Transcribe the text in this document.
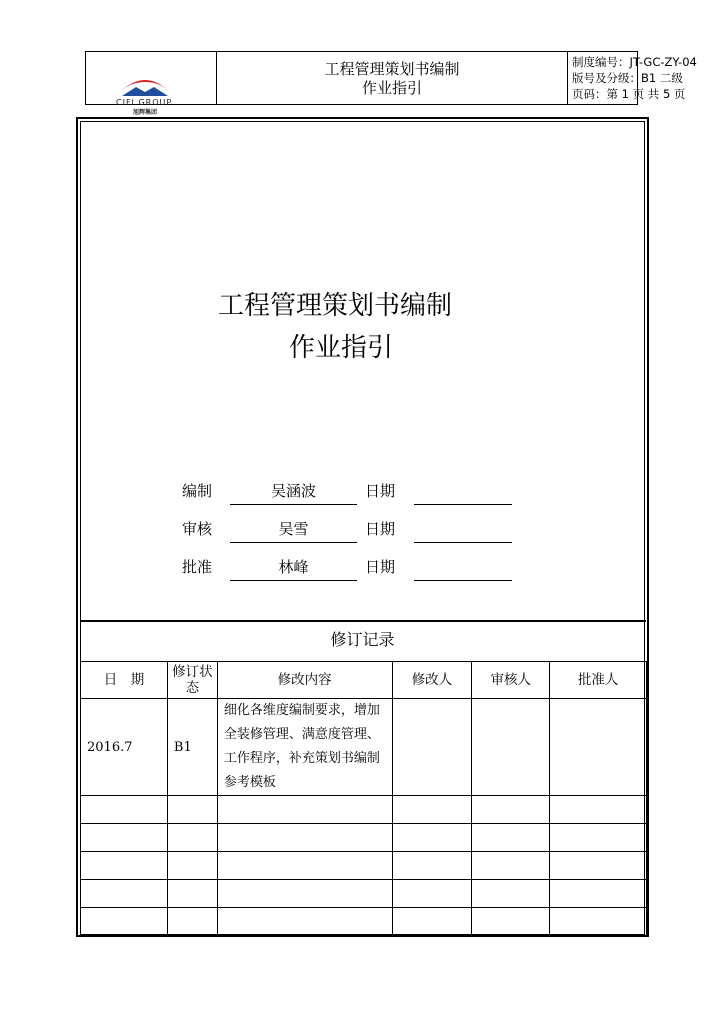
CIFI GROUP
旭辉集团
工程管理策划书编制
作业指引
制度编号：JT-GC-ZY-04
版号及分级：B1 二级
页码：第 1 页 共 5 页
工程管理策划书编制
作业指引
编制	吴涵波	日期
审核	吴雪	日期
批准	林峰	日期
修订记录
日　期	修订状态	修改内容	修改人	审核人	批准人
2016.7	B1	细化各维度编制要求，增加全装修管理、满意度管理、工作程序，补充策划书编制参考模板			
